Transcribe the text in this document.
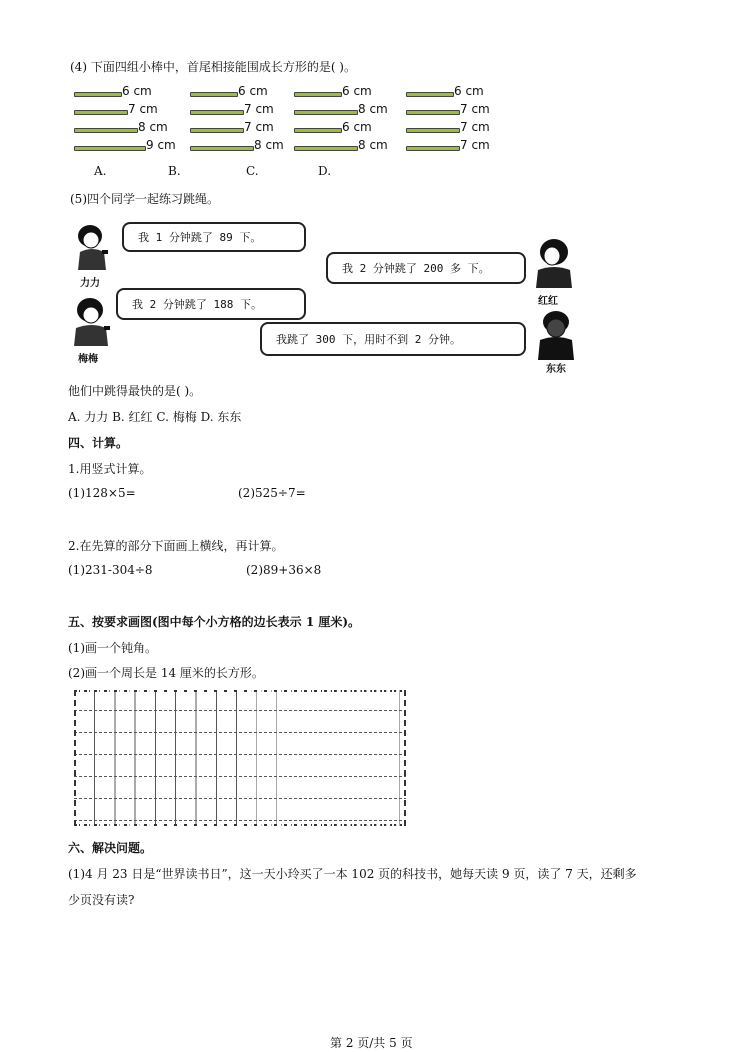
(4) 下面四组小棒中，首尾相接能围成长方形的是( )。
6 cm
7 cm
8 cm
9 cm
A.
6 cm
7 cm
7 cm
8 cm
B.
6 cm
8 cm
6 cm
8 cm
C.
6 cm
7 cm
7 cm
7 cm
D.
(5)四个同学一起练习跳绳。
力力
我 1 分钟跳了 89 下。
红红
我 2 分钟跳了 200 多 下。
梅梅
我 2 分钟跳了 188 下。
东东
我跳了 300 下，用时不到 2 分钟。
他们中跳得最快的是( )。
A. 力力 B. 红红 C. 梅梅 D. 东东
四、计算。
1.用竖式计算。
(1)128×5=	(2)525÷7=
2.在先算的部分下面画上横线，再计算。
(1)231-304÷8	(2)89+36×8
五、按要求画图(图中每个小方格的边长表示 1 厘米)。
(1)画一个钝角。
(2)画一个周长是 14 厘米的长方形。
六、解决问题。
(1)4 月 23 日是“世界读书日”，这一天小玲买了一本 102 页的科技书，她每天读 9 页，读了 7 天，还剩多
少页没有读?
第 2 页/共 5 页
